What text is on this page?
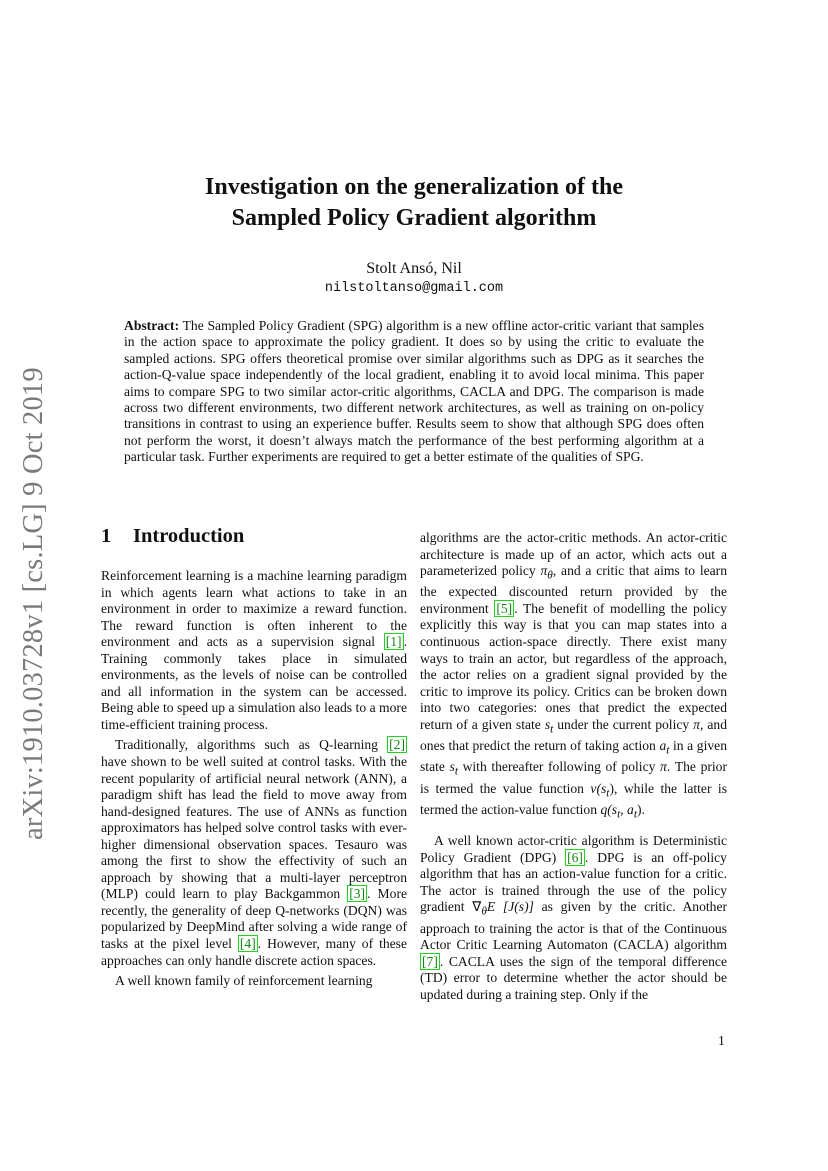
arXiv:1910.03728v1 [cs.LG] 9 Oct 2019
Investigation on the generalization of the
Sampled Policy Gradient algorithm
Stolt Ansó, Nil
nilstoltanso@gmail.com
Abstract: The Sampled Policy Gradient (SPG) algorithm is a new offline actor-critic variant that samples in the action space to approximate the policy gradient. It does so by using the critic to evaluate the sampled actions. SPG offers theoretical promise over similar algorithms such as DPG as it searches the action-Q-value space independently of the local gradient, enabling it to avoid local minima. This paper aims to compare SPG to two similar actor-critic algorithms, CACLA and DPG. The comparison is made across two different environments, two different network architectures, as well as training on on-policy transitions in contrast to using an experience buffer. Results seem to show that although SPG does often not perform the worst, it doesn’t always match the performance of the best performing algorithm at a particular task. Further experiments are required to get a better estimate of the qualities of SPG.
1 Introduction

Reinforcement learning is a machine learning paradigm in which agents learn what actions to take in an environment in order to maximize a reward function. The reward function is often inherent to the environment and acts as a supervision signal [1] . Training commonly takes place in simulated environments, as the levels of noise can be controlled and all information in the system can be accessed. Being able to speed up a simulation also leads to a more time-efficient training process.

Traditionally, algorithms such as Q-learning [2] have shown to be well suited at control tasks. With the recent popularity of artificial neural network (ANN), a paradigm shift has lead the field to move away from hand-designed features. The use of ANNs as function approximators has helped solve control tasks with ever-higher dimensional observation spaces. Tesauro was among the first to show the effectivity of such an approach by showing that a multi-layer perceptron (MLP) could learn to play Backgammon [3] . More recently, the generality of deep Q-networks (DQN) was popularized by DeepMind after solving a wide range of tasks at the pixel level [4] . However, many of these approaches can only handle discrete action spaces.

A well known family of reinforcement learning

algorithms are the actor-critic methods. An actor-critic architecture is made up of an actor, which acts out a parameterized policy $\pi_\theta$, and a critic that aims to learn the expected discounted return provided by the environment [5] . The benefit of modelling the policy explicitly this way is that you can map states into a continuous action-space directly. There exist many ways to train an actor, but regardless of the approach, the actor relies on a gradient signal provided by the critic to improve its policy. Critics can be broken down into two categories: ones that predict the expected return of a given state $s_t$ under the current policy π, and ones that predict the return of taking action $a_t$ in a given state $s_t$ with thereafter following of policy π. The prior is termed the value function $v(s_t)$, while the latter is termed the action-value function $q(s_t$, $a_t$).

A well known actor-critic algorithm is Deterministic Policy Gradient (DPG) [6] . DPG is an off-policy algorithm that has an action-value function for a critic. The actor is trained through the use of the policy gradient $\nabla_\theta E$ [J(s)] as given by the critic. Another approach to training the actor is that of the Continuous Actor Critic Learning Automaton (CACLA) algorithm [7] . CACLA uses the sign of the temporal difference (TD) error to determine whether the actor should be updated during a training step. Only if the

1
